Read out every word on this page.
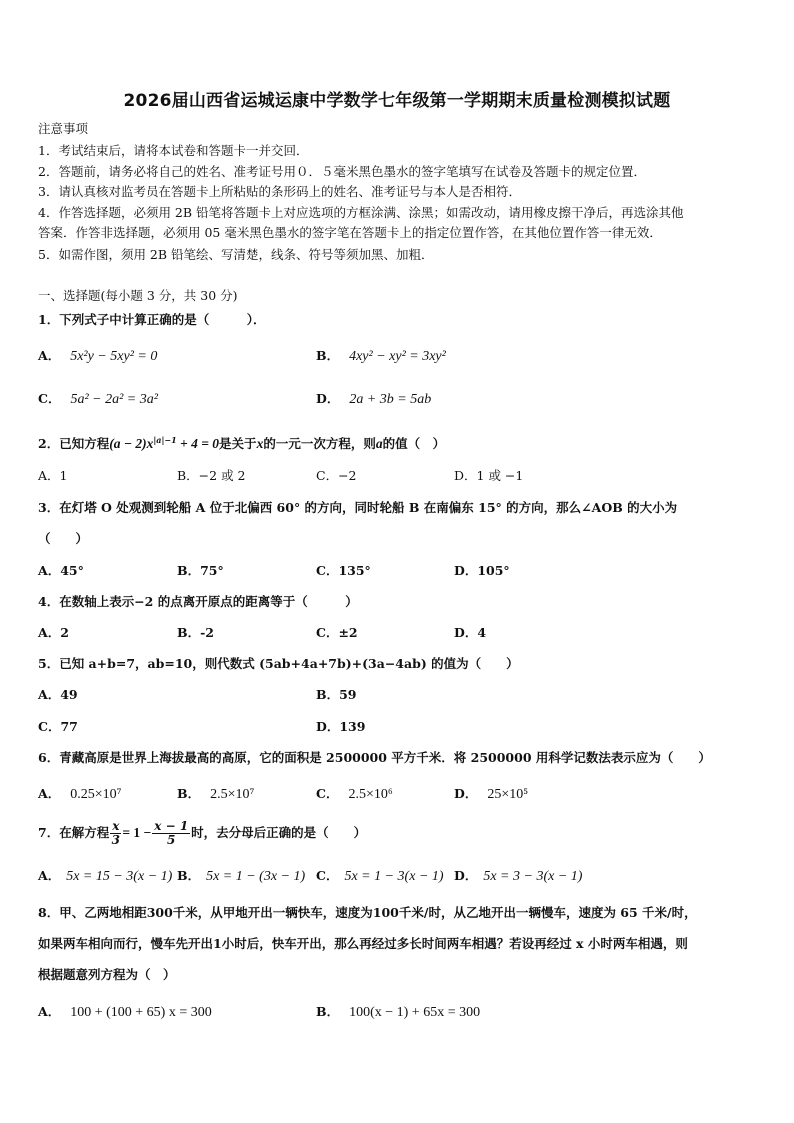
2026届山西省运城运康中学数学七年级第一学期期末质量检测模拟试题
注意事项
1．考试结束后，请将本试卷和答题卡一并交回．
2．答题前，请务必将自己的姓名、准考证号用０．５毫米黑色墨水的签字笔填写在试卷及答题卡的规定位置．
3．请认真核对监考员在答题卡上所粘贴的条形码上的姓名、准考证号与本人是否相符．
4．作答选择题，必须用 2B 铅笔将答题卡上对应选项的方框涂满、涂黑；如需改动，请用橡皮擦干净后，再选涂其他
答案．作答非选择题，必须用 05 毫米黑色墨水的签字笔在答题卡上的指定位置作答，在其他位置作答一律无效．
5．如需作图，须用 2B 铅笔绘、写清楚，线条、符号等须加黑、加粗．
一、选择题(每小题 3 分，共 30 分)
1．下列式子中计算正确的是（　　　）．
A． 5x²y − 5xy² = 0	B． 4xy² − xy² = 3xy²
C． 5a² − 2a² = 3a²	D． 2a + 3b = 5ab
2．已知方程$(a - 2)x^{|a|-1} + 4 = 0$是关于x的一元一次方程，则a的值（　）
A．1	B．−2 或 2	C．−2	D．1 或 −1
3．在灯塔 O 处观测到轮船 A 位于北偏西 60° 的方向，同时轮船 B 在南偏东 15° 的方向，那么∠AOB 的大小为
（　　）
A．45°	B．75°	C．135°	D．105°
4．在数轴上表示−2 的点离开原点的距离等于（　　　）
A．2	B．-2	C．±2	D．4
5．已知 a+b=7，ab=10，则代数式 (5ab+4a+7b)+(3a−4ab) 的值为（　　）
A．49	B．59
C．77	D．139
6．青藏高原是世界上海拔最高的高原，它的面积是 2500000 平方千米．将 2500000 用科学记数法表示应为（　　）
A． 0.25×10⁷	B． 2.5×10⁷	C． 2.5×10⁶	D． 25×10⁵
7．在解方程 $\frac{x}{3} = 1 - \frac{x - 1}{5}$ 时，去分母后正确的是（　　）
A． 5x = 15 − 3(x − 1) B． 5x = 1 − (3x − 1) C． 5x = 1 − 3(x − 1) D． 5x = 3 − 3(x − 1)
8．甲、乙两地相距300千米，从甲地开出一辆快车，速度为100千米/时，从乙地开出一辆慢车，速度为 65 千米/时，
如果两车相向而行，慢车先开出1小时后，快车开出，那么再经过多长时间两车相遇？若设再经过 x 小时两车相遇，则
根据题意列方程为（　）
A． 100 + (100 + 65) x = 300	B． 100(x − 1) + 65x = 300
